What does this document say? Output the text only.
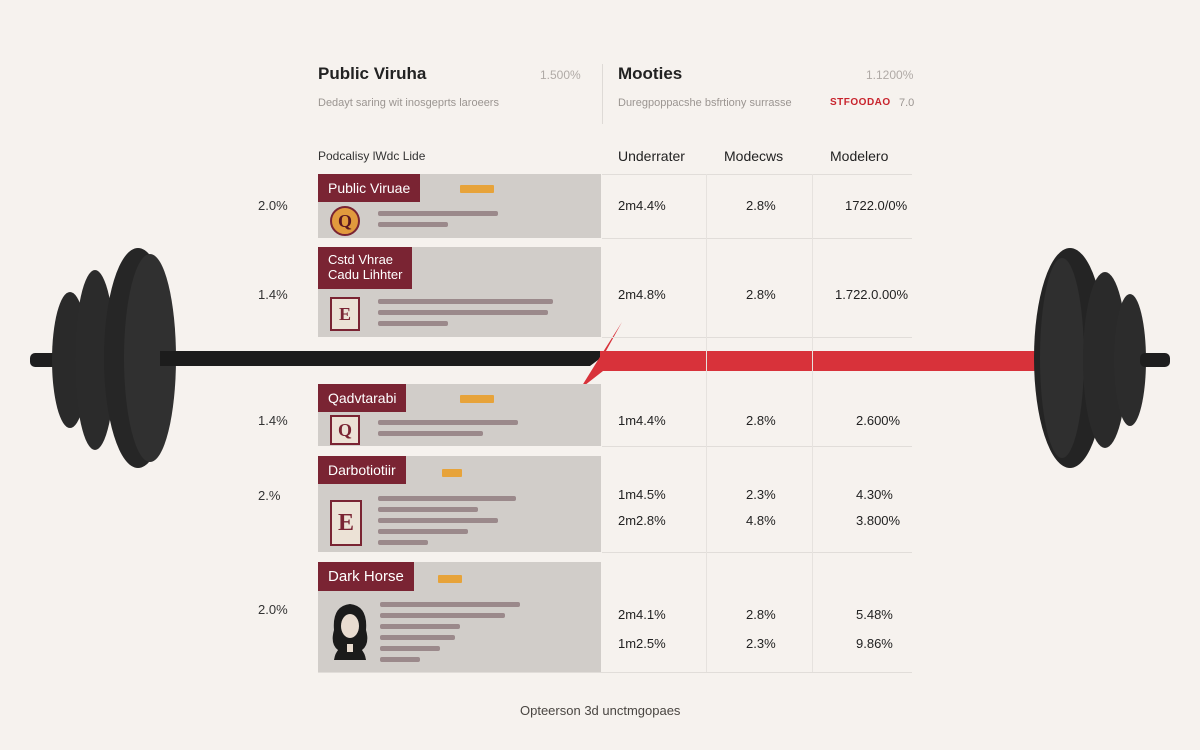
Public Viruha	1.500%
Dedayt saring wit inosgeprts laroeers
Mooties	1.1200%
Duregpoppacshe bsfrtiony surrasse	STFOODAO 7.0
Podcalisy lWdc Lide	Underrater	Modecws	Modelero
2.0%
Public Viruae
Q
2m4.4%	2.8%	1722.0/0%
1.4%
Cstd Vhrae
Cadu Lihhter
E
2m4.8%	2.8%	1.722.0.00%
1.4%
Qadvtarabi
Q	1m4.4%	2.8%	2.600%
2.%
Darbotiotiir
E
1m4.5%	2.3%	4.30%
2m2.8%	4.8%	3.800%
2.0%
Dark Horse
2m4.1%	2.8%	5.48%
1m2.5%	2.3%	9.86%
Opteerson 3d unctmgopaes
